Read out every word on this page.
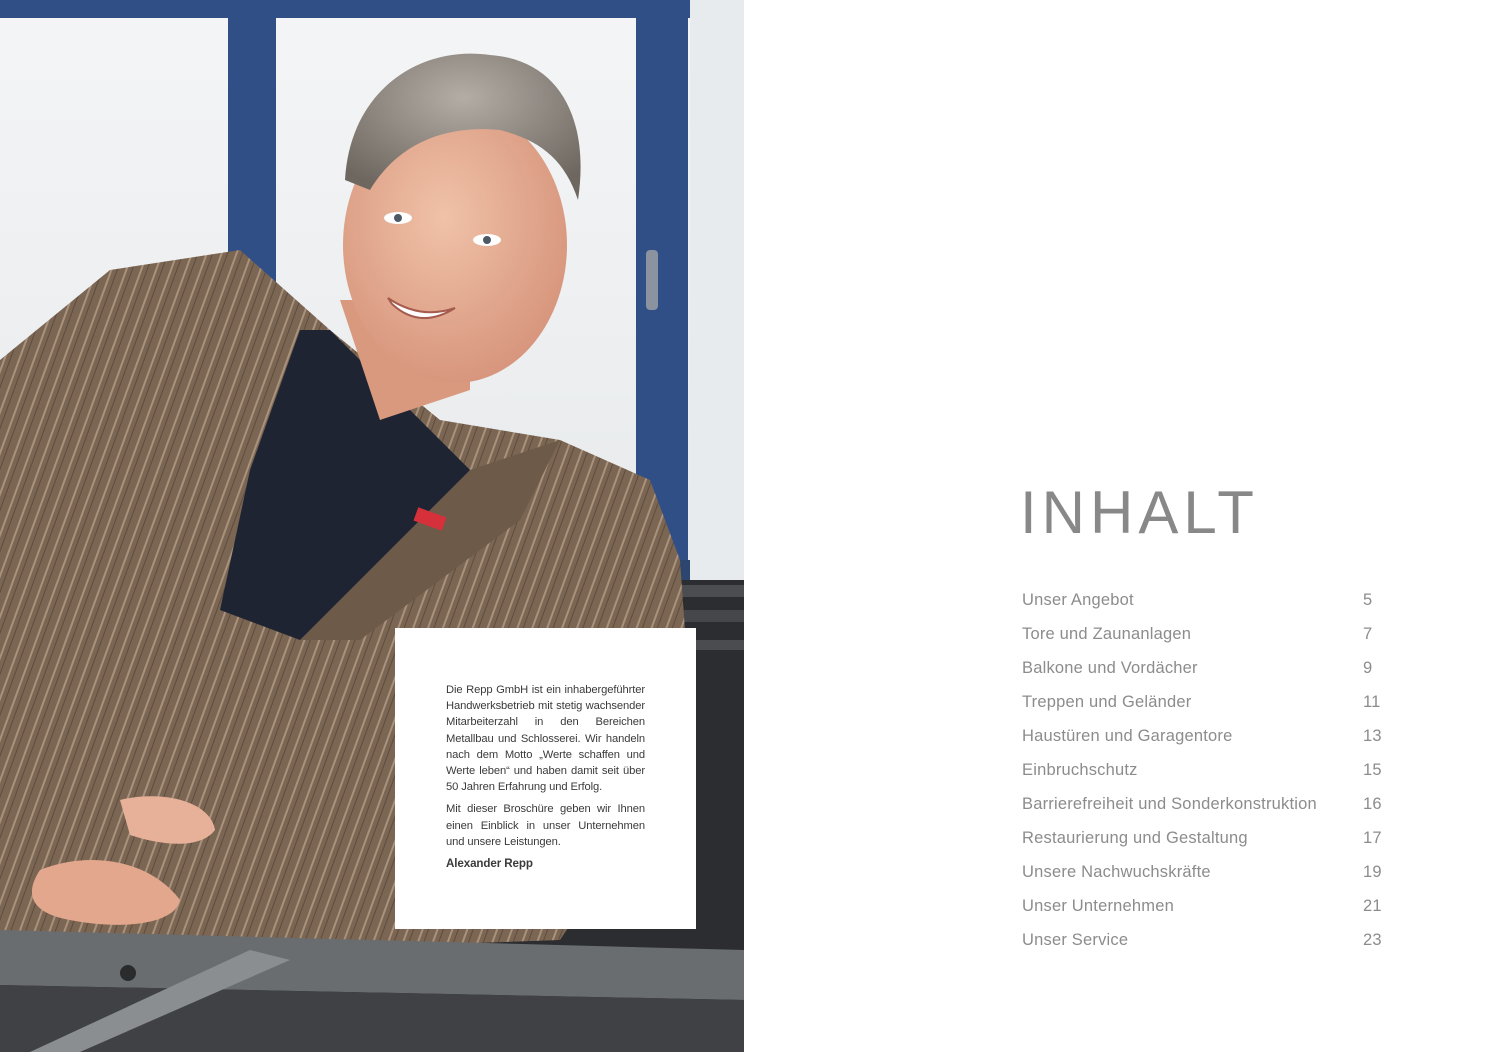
Die Repp GmbH ist ein inhabergeführter Handwerksbetrieb mit stetig wachsender Mitarbeiterzahl in den Bereichen Metallbau und Schlosserei. Wir handeln nach dem Motto „Werte schaffen und Werte leben“ und haben damit seit über 50 Jahren Erfahrung und Erfolg.

Mit dieser Broschüre geben wir Ihnen einen Einblick in unser Unternehmen und unsere Leistungen.

Alexander Repp

INHALT
Unser Angebot	5
Tore und Zaunanlagen	7
Balkone und Vordächer	9
Treppen und Geländer	11
Haustüren und Garagentore	13
Einbruchschutz	15
Barrierefreiheit und Sonderkonstruktion	16
Restaurierung und Gestaltung	17
Unsere Nachwuchskräfte	19
Unser Unternehmen	21
Unser Service	23
